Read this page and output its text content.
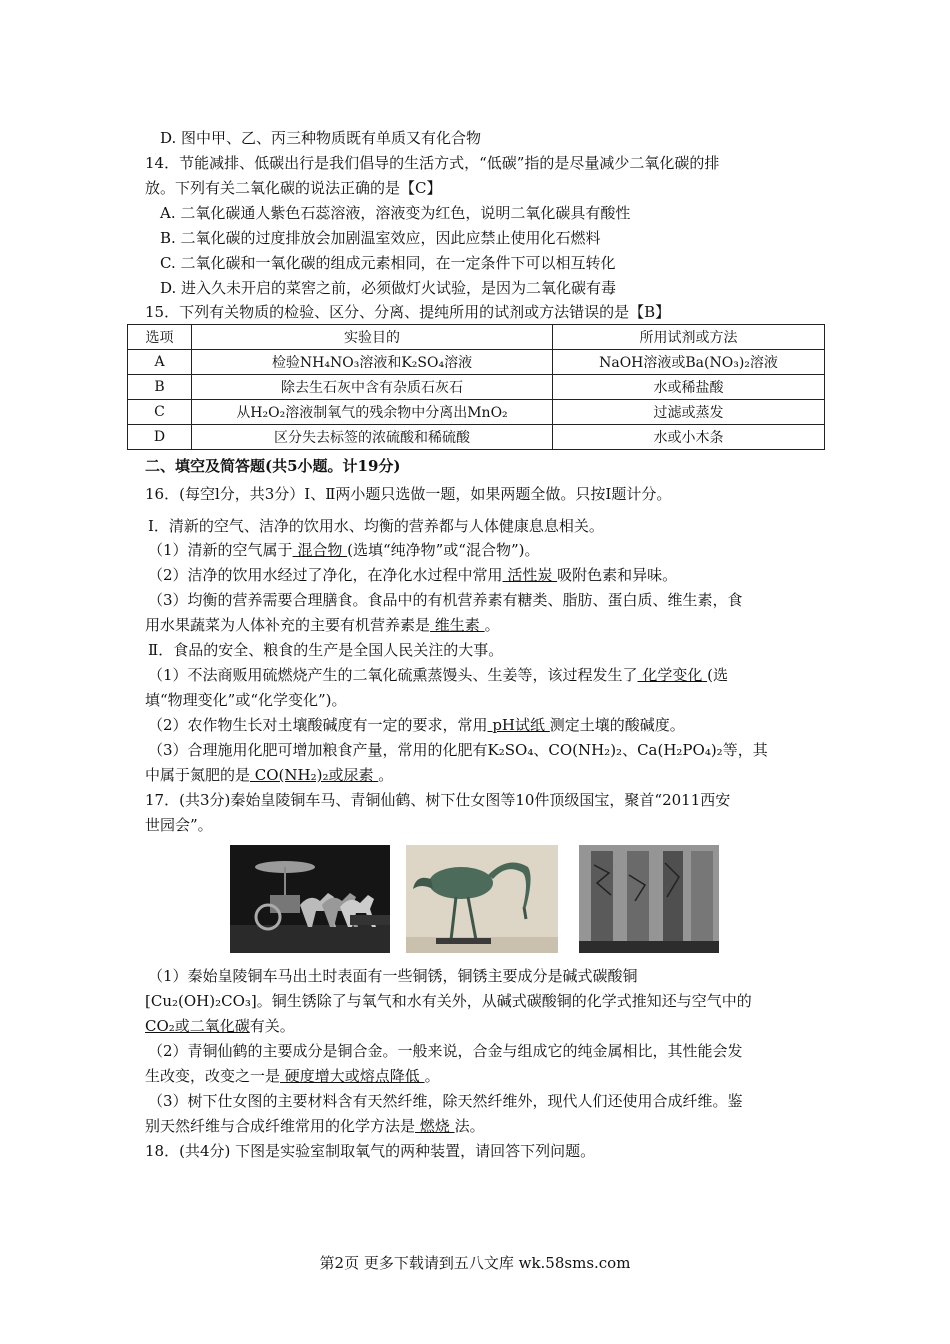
D. 图中甲、乙、丙三种物质既有单质又有化合物
14．节能减排、低碳出行是我们倡导的生活方式，“低碳”指的是尽量减少二氧化碳的排
放。下列有关二氧化碳的说法正确的是【C】
A. 二氧化碳通人紫色石蕊溶液，溶液变为红色，说明二氧化碳具有酸性
B. 二氧化碳的过度排放会加剧温室效应，因此应禁止使用化石燃料
C. 二氧化碳和一氧化碳的组成元素相同，在一定条件下可以相互转化
D. 进入久未开启的菜窖之前，必须做灯火试验，是因为二氧化碳有毒
15．下列有关物质的检验、区分、分离、提纯所用的试剂或方法错误的是【B】
选项	实验目的	所用试剂或方法
A	检验NH₄NO₃溶液和K₂SO₄溶液	NaOH溶液或Ba(NO₃)₂溶液
B	除去生石灰中含有杂质石灰石	水或稀盐酸
C	从H₂O₂溶液制氧气的残余物中分离出MnO₂	过滤或蒸发
D	区分失去标签的浓硫酸和稀硫酸	水或小木条
二、填空及简答题(共5小题。计19分)
16．(每空l分，共3分）Ⅰ、Ⅱ两小题只选做一题，如果两题全做。只按Ⅰ题计分。
Ⅰ．清新的空气、洁净的饮用水、均衡的营养都与人体健康息息相关。
（1）清新的空气属于 混合物 (选填“纯净物”或“混合物”)。
（2）洁净的饮用水经过了净化，在净化水过程中常用 活性炭 吸附色素和异味。
（3）均衡的营养需要合理膳食。食品中的有机营养素有糖类、脂肪、蛋白质、维生素，食
用水果蔬菜为人体补充的主要有机营养素是 维生素 。
Ⅱ．食品的安全、粮食的生产是全国人民关注的大事。
（1）不法商贩用硫燃烧产生的二氧化硫熏蒸馒头、生姜等，该过程发生了 化学变化 (选
填“物理变化”或“化学变化”)。
（2）农作物生长对土壤酸碱度有一定的要求，常用 pH试纸 测定土壤的酸碱度。
（3）合理施用化肥可增加粮食产量，常用的化肥有K₂SO₄、CO(NH₂)₂、Ca(H₂PO₄)₂等，其
中属于氮肥的是 CO(NH₂)₂或尿素 。
17．(共3分)秦始皇陵铜车马、青铜仙鹤、树下仕女图等10件顶级国宝，聚首“2011西安
世园会”。
（1）秦始皇陵铜车马出土时表面有一些铜锈，铜锈主要成分是碱式碳酸铜
[Cu₂(OH)₂CO₃]。铜生锈除了与氧气和水有关外，从碱式碳酸铜的化学式推知还与空气中的
CO₂或二氧化碳有关。
（2）青铜仙鹤的主要成分是铜合金。一般来说，合金与组成它的纯金属相比，其性能会发
生改变，改变之一是 硬度增大或熔点降低 。
（3）树下仕女图的主要材料含有天然纤维，除天然纤维外，现代人们还使用合成纤维。鉴
别天然纤维与合成纤维常用的化学方法是 燃烧 法。
18．(共4分) 下图是实验室制取氧气的两种装置，请回答下列问题。
第2页 更多下载请到五八文库 wk.58sms.com
